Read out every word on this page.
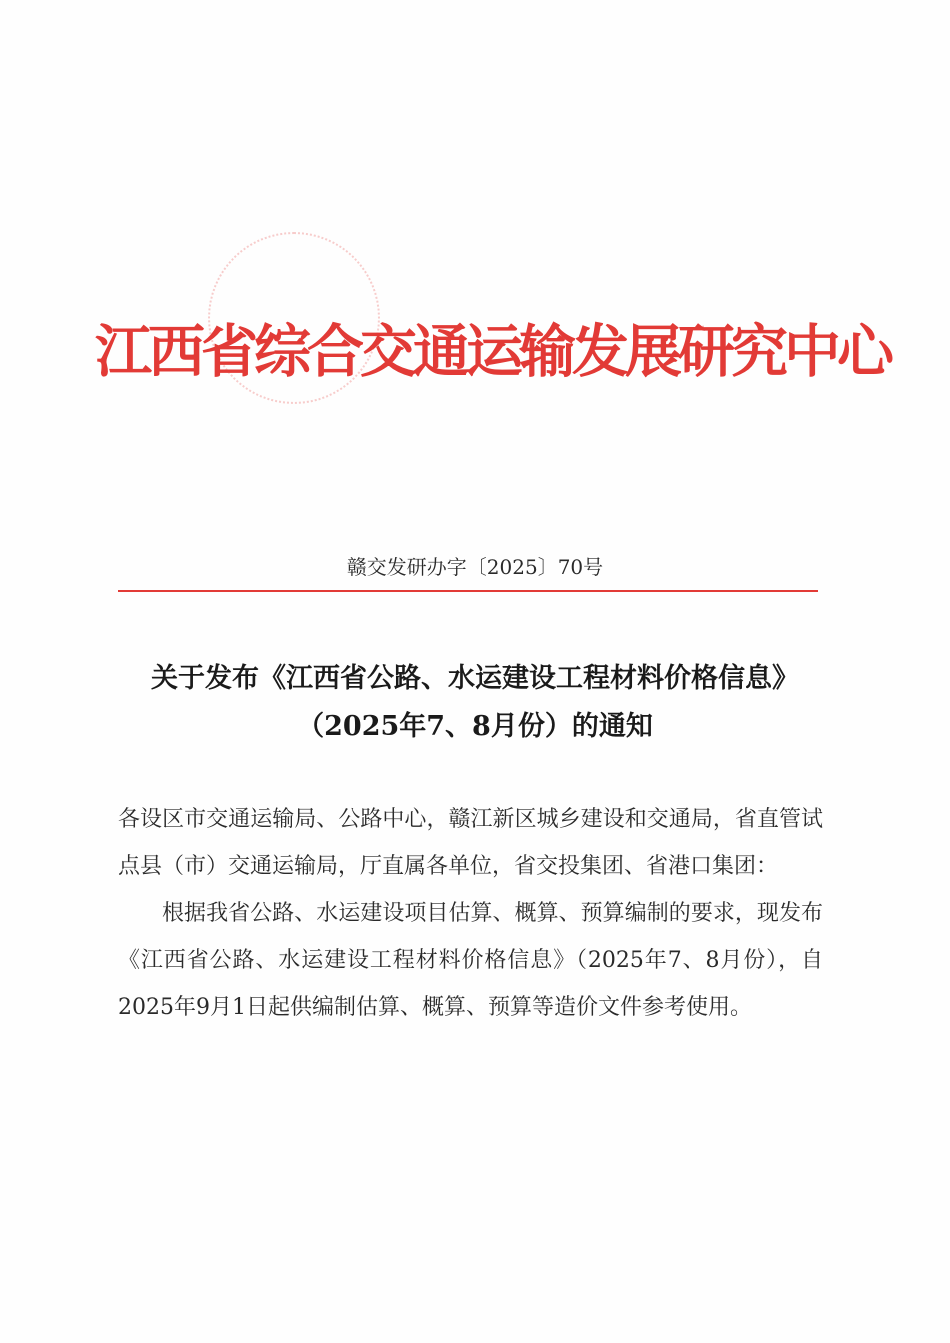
江西省综合交通运输发展研究中心
赣交发研办字〔2025〕70号
关于发布《江西省公路、水运建设工程材料价格信息》
（2025年7、8月份）的通知

各设区市交通运输局、公路中心，赣江新区城乡建设和交通局，省直管试点县（市）交通运输局，厅直属各单位，省交投集团、省港口集团：

根据我省公路、水运建设项目估算、概算、预算编制的要求，现发布《江西省公路、水运建设工程材料价格信息》（2025年7、8月份），自2025年9月1日起供编制估算、概算、预算等造价文件参考使用。
